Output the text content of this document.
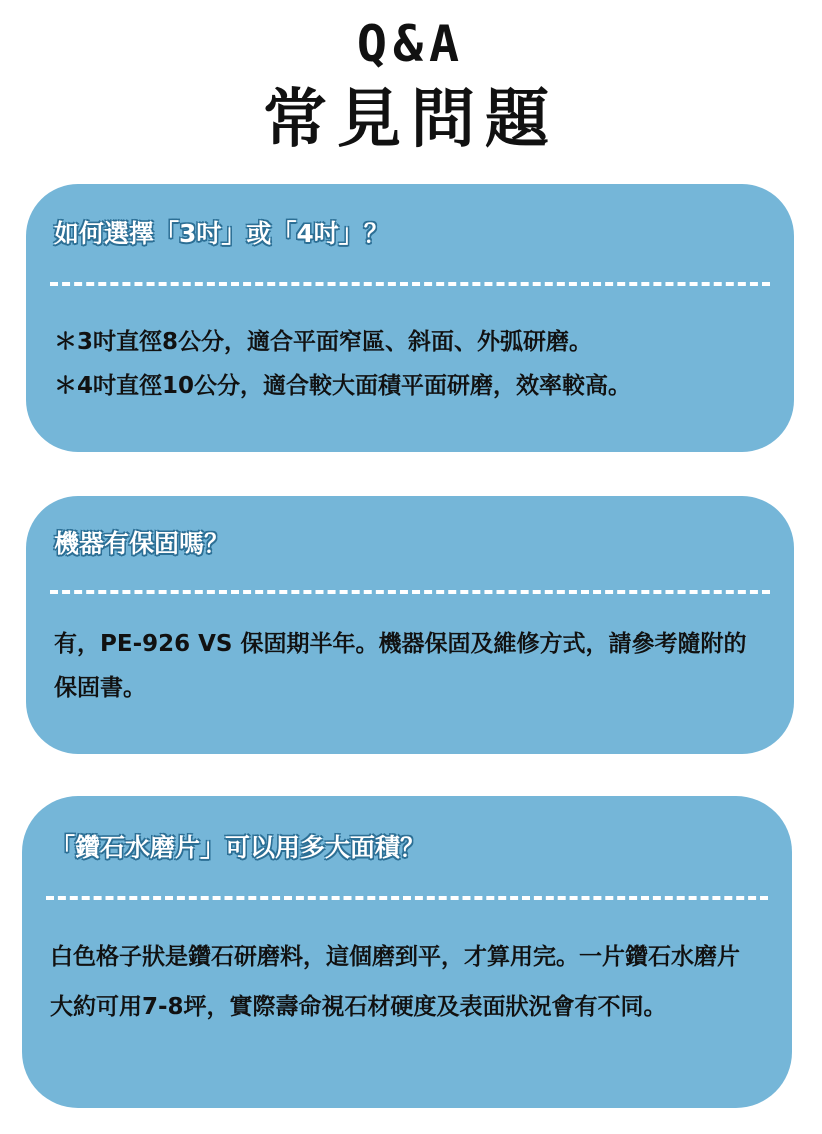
Q&A
常見問題
如何選擇「3吋」或「4吋」？

＊3吋直徑8公分，適合平面窄區、斜面、外弧研磨。

＊4吋直徑10公分，適合較大面積平面研磨，效率較高。

機器有保固嗎？
有，PE-926 VS 保固期半年。機器保固及維修方式，請參考隨附的保固書。
「鑽石水磨片」可以用多大面積？
白色格子狀是鑽石研磨料，這個磨到平，才算用完。一片鑽石水磨片大約可用7-8坪，實際壽命視石材硬度及表面狀況會有不同。
